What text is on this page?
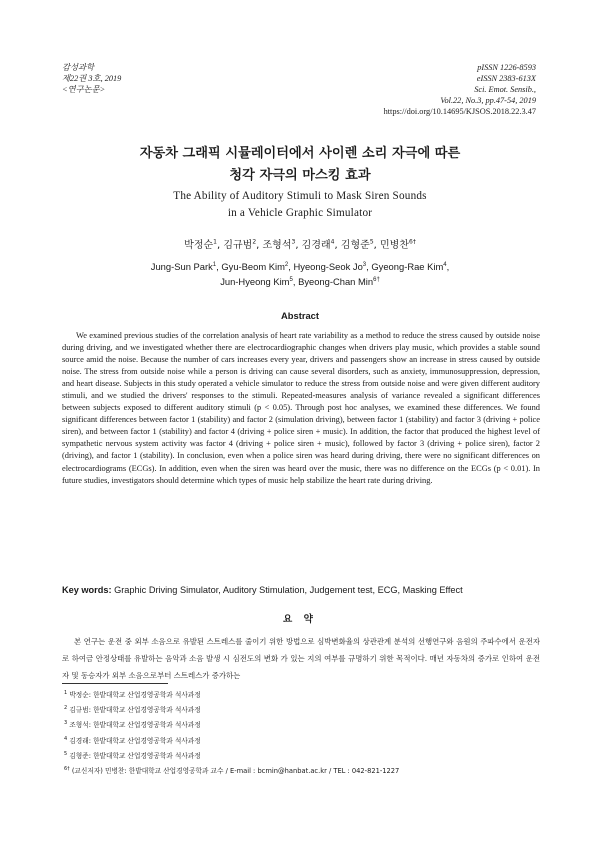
감성과학
제22권 3호, 2019
<연구논문>
pISSN 1226-8593
eISSN 2383-613X
Sci. Emot. Sensib.,
Vol.22, No.3, pp.47-54, 2019
https://doi.org/10.14695/KJSOS.2018.22.3.47
자동차 그래픽 시뮬레이터에서 사이렌 소리 자극에 따른
청각 자극의 마스킹 효과
The Ability of Auditory Stimuli to Mask Siren Sounds
in a Vehicle Graphic Simulator
박정순$^1$, 김규범$^2$, 조형석$^3$, 김경래$^4$, 김형준$^5$, 민병찬$^{6\dagger}$
Jung-Sun Park$^1$, Gyu-Beom Kim$^2$, Hyeong-Seok Jo$^3$, Gyeong-Rae Kim$^4$,
Jun-Hyeong Kim$^5$, Byeong-Chan Min$^{6\dagger}$
Abstract

We examined previous studies of the correlation analysis of heart rate variability as a method to reduce the stress caused by outside noise during driving, and we investigated whether there are electrocardiographic changes when drivers play music, which provides a stable sound source amid the noise. Because the number of cars increases every year, drivers and passengers show an increase in stress caused by outside noise. The stress from outside noise while a person is driving can cause several disorders, such as anxiety, immunosuppression, depression, and heart disease. Subjects in this study operated a vehicle simulator to reduce the stress from outside noise and were given different auditory stimuli, and we studied the drivers' responses to the stimuli. Repeated-measures analysis of variance revealed a significant differences between subjects exposed to different auditory stimuli (p < 0.05). Through post hoc analyses, we examined these differences. We found significant differences between factor 1 (stability) and factor 2 (simulation driving), between factor 1 (stability) and factor 3 (driving + police siren), and between factor 1 (stability) and factor 4 (driving + police siren + music). In addition, the factor that produced the highest level of sympathetic nervous system activity was factor 4 (driving + police siren + music), followed by factor 3 (driving + police siren), factor 2 (driving), and factor 1 (stability). In conclusion, even when a police siren was heard during driving, there were no significant differences on electrocardiograms (ECGs). In addition, even when the siren was heard over the music, there was no difference on the ECGs (p < 0.01). In future studies, investigators should determine which types of music help stabilize the heart rate during driving.

Key words: Graphic Driving Simulator, Auditory Stimulation, Judgement test, ECG, Masking Effect
요 약

본 연구는 운전 중 외부 소음으로 유발된 스트레스를 줄이기 위한 방법으로 심박변화율의 상관관계 분석의 선행연구와 음원의 주파수에서 운전자로 하여금 안정상태를 유발하는 음악과 소음 발생 시 심전도의 변화 가 있는 지의 여부를 규명하기 위한 목적이다. 매년 자동차의 증가로 인하여 운전자 및 동승자가 외부 소음으로부터 스트레스가 증가하는

$^1$ 박정순: 한밭대학교 산업경영공학과 석사과정
$^2$ 김규범: 한밭대학교 산업경영공학과 석사과정
$^3$ 조형석: 한밭대학교 산업경영공학과 석사과정
$^4$ 김경래: 한밭대학교 산업경영공학과 석사과정
$^5$ 김형준: 한밭대학교 산업경영공학과 석사과정
$^{6\dagger}$ (교신저자) 민병찬: 한밭대학교 산업경영공학과 교수 / E-mail : bcmin@hanbat.ac.kr / TEL : 042-821-1227
